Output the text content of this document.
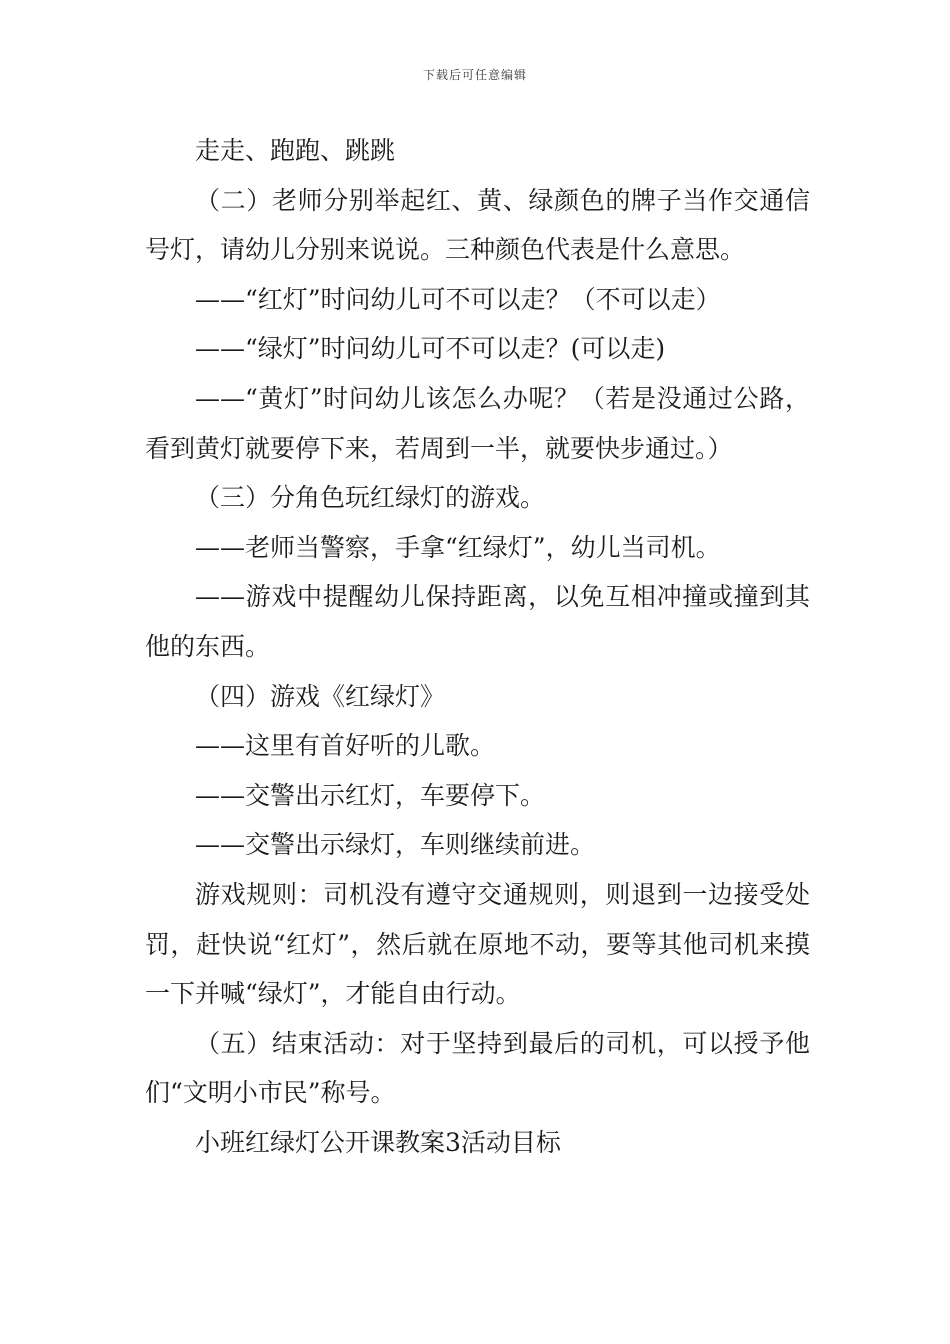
下载后可任意编辑

走走、跑跑、跳跳

（二）老师分别举起红、黄、绿颜色的牌子当作交通信号灯，请幼儿分别来说说。三种颜色代表是什么意思。

——“红灯”时问幼儿可不可以走？（不可以走）

——“绿灯”时问幼儿可不可以走？(可以走)

——“黄灯”时问幼儿该怎么办呢？（若是没通过公路，看到黄灯就要停下来，若周到一半，就要快步通过。）

（三）分角色玩红绿灯的游戏。

——老师当警察，手拿“红绿灯”，幼儿当司机。

——游戏中提醒幼儿保持距离，以免互相冲撞或撞到其他的东西。

（四）游戏《红绿灯》

——这里有首好听的儿歌。

——交警出示红灯，车要停下。

——交警出示绿灯，车则继续前进。

游戏规则：司机没有遵守交通规则，则退到一边接受处罚，赶快说“红灯”，然后就在原地不动，要等其他司机来摸一下并喊“绿灯”，才能自由行动。

（五）结束活动：对于坚持到最后的司机，可以授予他们“文明小市民”称号。

小班红绿灯公开课教案3活动目标
